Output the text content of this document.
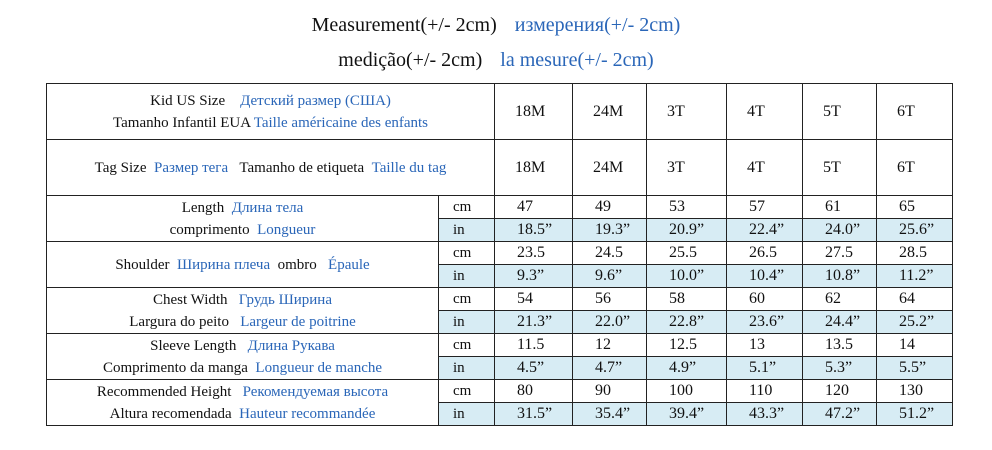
Measurement(+/- 2cm) измерения(+/- 2cm)
medição(+/- 2cm) la mesure(+/- 2cm)
Kid US Size Детский размер (США)
Tamanho Infantil EUA Taille américaine des enfants		18M	24M	3T	4T	5T	6T
Tag Size Размер тега Tamanho de etiqueta Taille du tag		18M	24M	3T	4T	5T	6T

Length Длина тела
comprimento Longueur	cm	47	49	53	57	61	65
	in	18.5”	19.3”	20.9”	22.4”	24.0”	25.6”
Shoulder Ширина плеча ombro Épaule	cm	23.5	24.5	25.5	26.5	27.5	28.5
	in	9.3”	9.6”	10.0”	10.4”	10.8”	11.2”

Chest Width Грудь Ширина
Largura do peito Largeur de poitrine	cm	54	56	58	60	62	64
	in	21.3”	22.0”	22.8”	23.6”	24.4”	25.2”

Sleeve Length Длина Рукава
Comprimento da manga Longueur de manche	cm	11.5	12	12.5	13	13.5	14
	in	4.5”	4.7”	4.9”	5.1”	5.3”	5.5”

Recommended Height Рекомендуемая высота
Altura recomendada Hauteur recommandée	cm	80	90	100	110	120	130
	in	31.5”	35.4”	39.4”	43.3”	47.2”	51.2”
